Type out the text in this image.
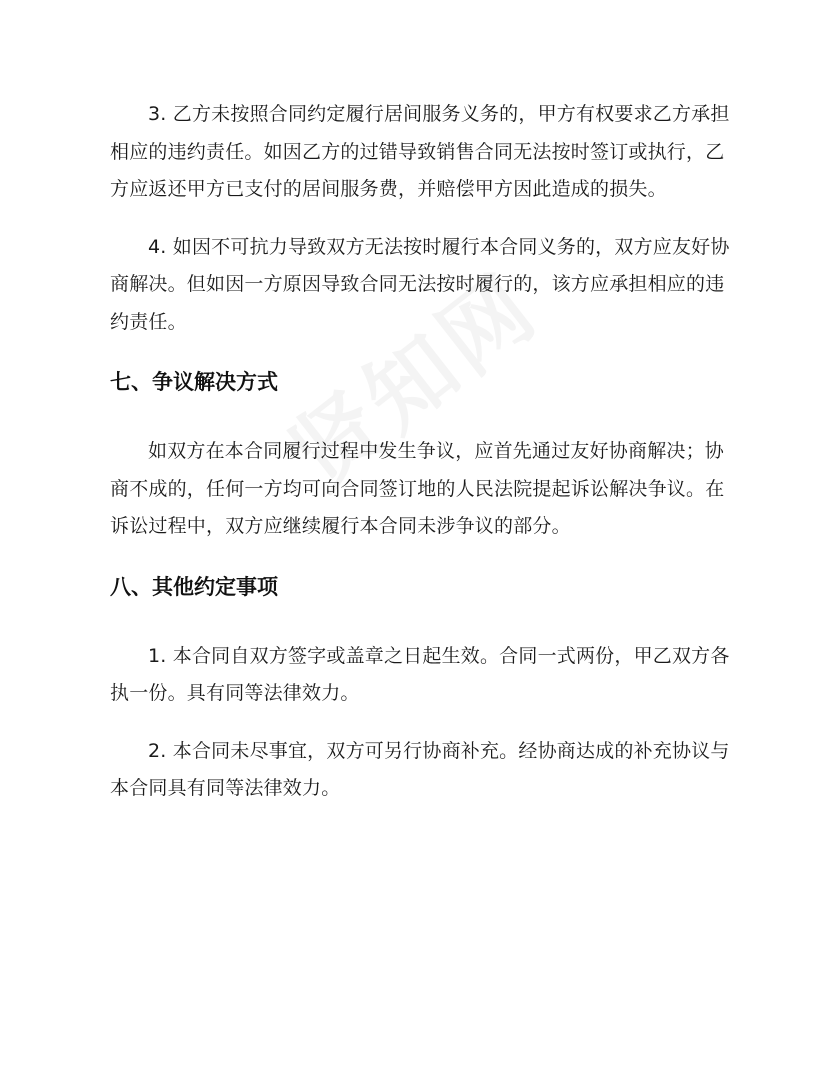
3. 乙方未按照合同约定履行居间服务义务的，甲方有权要求乙方承担相应的违约责任。如因乙方的过错导致销售合同无法按时签订或执行，乙方应返还甲方已支付的居间服务费，并赔偿甲方因此造成的损失。

4. 如因不可抗力导致双方无法按时履行本合同义务的，双方应友好协商解决。但如因一方原因导致合同无法按时履行的，该方应承担相应的违约责任。

七、争议解决方式

如双方在本合同履行过程中发生争议，应首先通过友好协商解决；协商不成的，任何一方均可向合同签订地的人民法院提起诉讼解决争议。在诉讼过程中，双方应继续履行本合同未涉争议的部分。

八、其他约定事项

1. 本合同自双方签字或盖章之日起生效。合同一式两份，甲乙双方各执一份。具有同等法律效力。

2. 本合同未尽事宜，双方可另行协商补充。经协商达成的补充协议与本合同具有同等法律效力。
